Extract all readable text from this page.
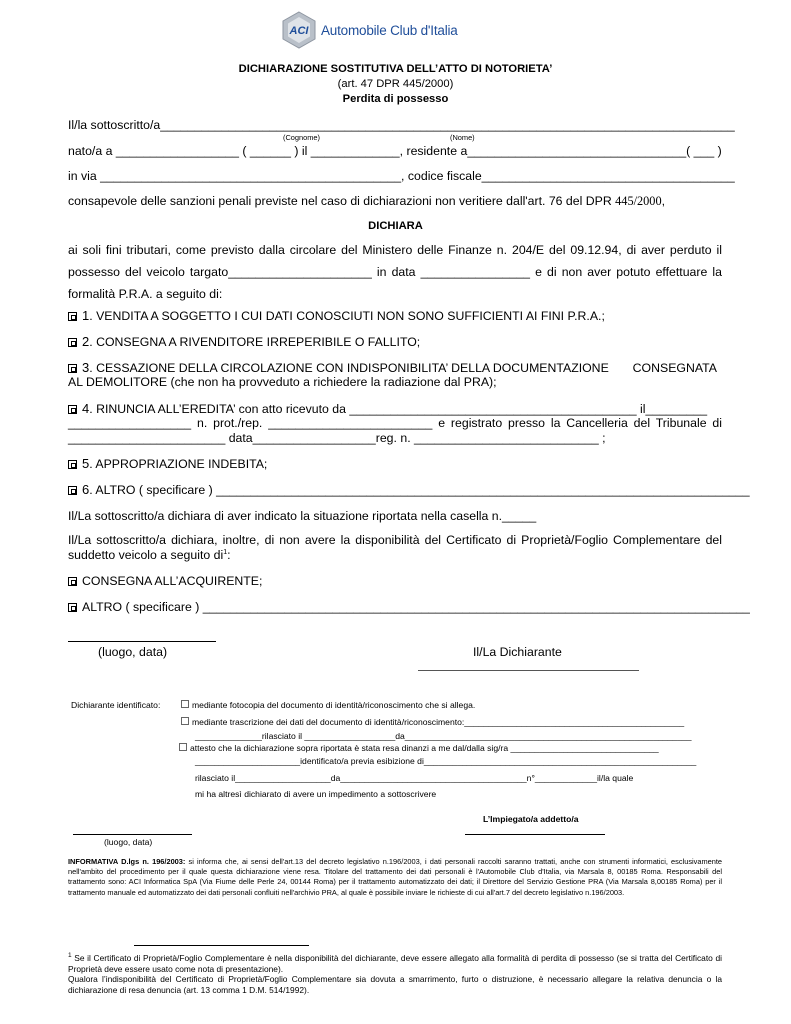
ACI Automobile Club d'Italia
DICHIARAZIONE SOSTITUTIVA DELL’ATTO DI NOTORIETA’
(art. 47 DPR 445/2000)
Perdita di possesso
Il/la sottoscritto/a____________________________________________________________________________________
(Cognome)	(Nome)
nato/a a __________________ ( ______ ) il _____________, residente a________________________________( ___ )
in via ____________________________________________, codice fiscale_____________________________________
consapevole delle sanzioni penali previste nel caso di dichiarazioni non veritiere dall'art. 76 del DPR 445/2000,
DICHIARA
ai soli fini tributari, come previsto dalla circolare del Ministero delle Finanze n. 204/E del 09.12.94, di aver perduto il
possesso del veicolo targato_____________________ in data ________________ e di non aver potuto effettuare la
formalità P.R.A. a seguito di:
1. VENDITA A SOGGETTO I CUI DATI CONOSCIUTI NON SONO SUFFICIENTI AI FINI P.R.A.;
2. CONSEGNA A RIVENDITORE IRREPERIBILE O FALLITO;
3. CESSAZIONE DELLA CIRCOLAZIONE CON INDISPONIBILITA’ DELLA DOCUMENTAZIONE       CONSEGNATA
AL DEMOLITORE (che non ha provveduto a richiedere la radiazione dal PRA);
4. RINUNCIA ALL’EREDITA’ con atto ricevuto da __________________________________________ il_________
__________________ n. prot./rep. ________________________ e registrato presso la Cancelleria del Tribunale di
_______________________ data__________________reg. n. ___________________________ ;
5. APPROPRIAZIONE INDEBITA;
6. ALTRO ( specificare ) ______________________________________________________________________________
Il/La sottoscritto/a dichiara di aver indicato la situazione riportata nella casella n._____
Il/La sottoscritto/a dichiara, inoltre, di non avere la disponibilità del Certificato di Proprietà/Foglio Complementare del
suddetto veicolo a seguito $di^1$:
CONSEGNA ALL’ACQUIRENTE;
ALTRO ( specificare ) ________________________________________________________________________________
(luogo, data)	Il/La Dichiarante
Dichiarante identificato:	mediante fotocopia del documento di identità/riconoscimento che si allega.
mediante trascrizione dei dati del documento di identità/riconoscimento:______________________________________________
______________rilasciato il ___________________da____________________________________________________________
attesto che la dichiarazione sopra riportata è stata resa dinanzi a me dal/dalla sig/ra _______________________________
______________________identificato/a previa esibizione di_________________________________________________________
rilasciato il____________________da_______________________________________n°_____________il/la quale
mi ha altresì dichiarato di avere un impedimento a sottoscrivere
L’Impiegato/a addetto/a
(luogo, data)
INFORMATIVA D.lgs n. 196/2003: si informa che, ai sensi dell'art.13 del decreto legislativo n.196/2003, i dati personali raccolti saranno trattati, anche con strumenti informatici, esclusivamente nell'ambito del procedimento per il quale questa dichiarazione viene resa. Titolare del trattamento dei dati personali è l'Automobile Club d'Italia, via Marsala 8, 00185 Roma. Responsabili del trattamento sono: ACI Informatica SpA (Via Fiume delle Perle 24, 00144 Roma) per il trattamento automatizzato dei dati; il Direttore del Servizio Gestione PRA (Via Marsala 8,00185 Roma) per il trattamento manuale ed automatizzato dei dati personali confluiti nell'archivio PRA, al quale è possibile inviare le richieste di cui all'art.7 del decreto legislativo n.196/2003.
$^1$ Se il Certificato di Proprietà/Foglio Complementare è nella disponibilità del dichiarante, deve essere allegato alla formalità di perdita di possesso (se si tratta del Certificato di Proprietà deve essere usato come nota di presentazione).
Qualora l’indisponibilità del Certificato di Proprietà/Foglio Complementare sia dovuta a smarrimento, furto o distruzione, è necessario allegare la relativa denuncia o la dichiarazione di resa denuncia (art. 13 comma 1 D.M. 514/1992).
